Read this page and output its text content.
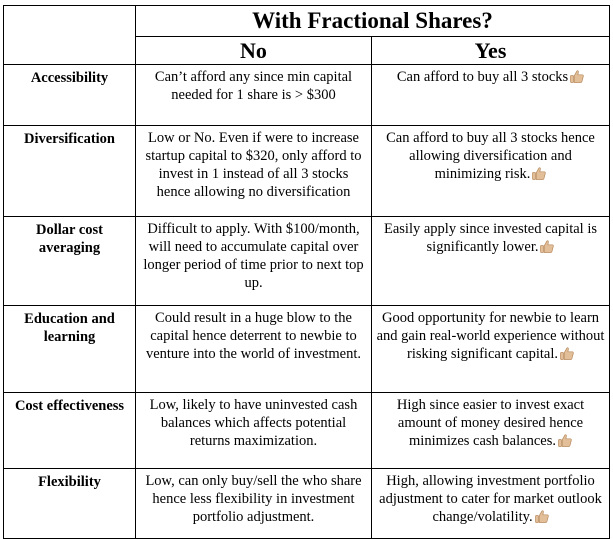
	With Fractional Shares?	
	No	Yes
Accessibility	Can’t afford any since min capital needed for 1 share is > $300	Can afford to buy all 3 stocks
Diversification	Low or No. Even if were to increase startup capital to $320, only afford to invest in 1 instead of all 3 stocks hence allowing no diversification	Can afford to buy all 3 stocks hence allowing diversification and minimizing risk.
Dollar cost averaging	Difficult to apply. With $100/month, will need to accumulate capital over longer period of time prior to next top up.	Easily apply since invested capital is significantly lower.
Education and learning	Could result in a huge blow to the capital hence deterrent to newbie to venture into the world of investment.	Good opportunity for newbie to learn and gain real-world experience without risking significant capital.
Cost effectiveness	Low, likely to have uninvested cash balances which affects potential returns maximization.	High since easier to invest exact amount of money desired hence minimizes cash balances.
Flexibility	Low, can only buy/sell the who share hence less flexibility in investment portfolio adjustment.	High, allowing investment portfolio adjustment to cater for market outlook change/volatility.
